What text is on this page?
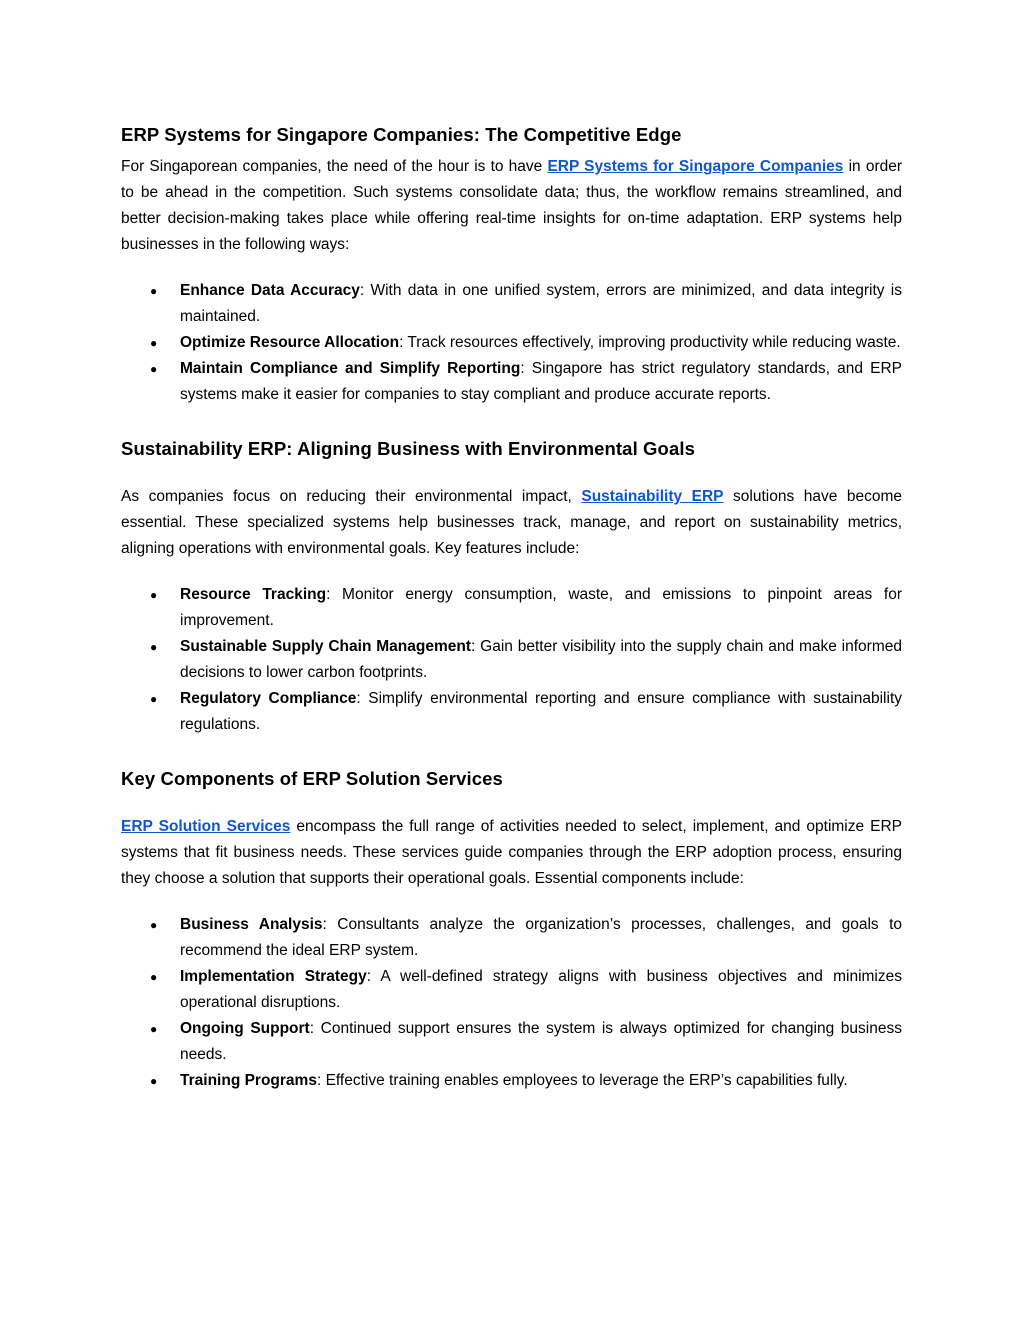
ERP Systems for Singapore Companies: The Competitive Edge

For Singaporean companies, the need of the hour is to have ERP Systems for Singapore Companies in order to be ahead in the competition. Such systems consolidate data; thus, the workflow remains streamlined, and better decision-making takes place while offering real-time insights for on-time adaptation. ERP systems help businesses in the following ways:

● Enhance Data Accuracy: With data in one unified system, errors are minimized, and data integrity is maintained.
● Optimize Resource Allocation: Track resources effectively, improving productivity while reducing waste.
● Maintain Compliance and Simplify Reporting: Singapore has strict regulatory standards, and ERP systems make it easier for companies to stay compliant and produce accurate reports.
Sustainability ERP: Aligning Business with Environmental Goals

As companies focus on reducing their environmental impact, Sustainability ERP solutions have become essential. These specialized systems help businesses track, manage, and report on sustainability metrics, aligning operations with environmental goals. Key features include:

● Resource Tracking: Monitor energy consumption, waste, and emissions to pinpoint areas for improvement.
● Sustainable Supply Chain Management: Gain better visibility into the supply chain and make informed decisions to lower carbon footprints.
● Regulatory Compliance: Simplify environmental reporting and ensure compliance with sustainability regulations.
Key Components of ERP Solution Services

ERP Solution Services encompass the full range of activities needed to select, implement, and optimize ERP systems that fit business needs. These services guide companies through the ERP adoption process, ensuring they choose a solution that supports their operational goals. Essential components include:

● Business Analysis: Consultants analyze the organization’s processes, challenges, and goals to recommend the ideal ERP system.
● Implementation Strategy: A well-defined strategy aligns with business objectives and minimizes operational disruptions.
● Ongoing Support: Continued support ensures the system is always optimized for changing business needs.
● Training Programs: Effective training enables employees to leverage the ERP’s capabilities fully.
